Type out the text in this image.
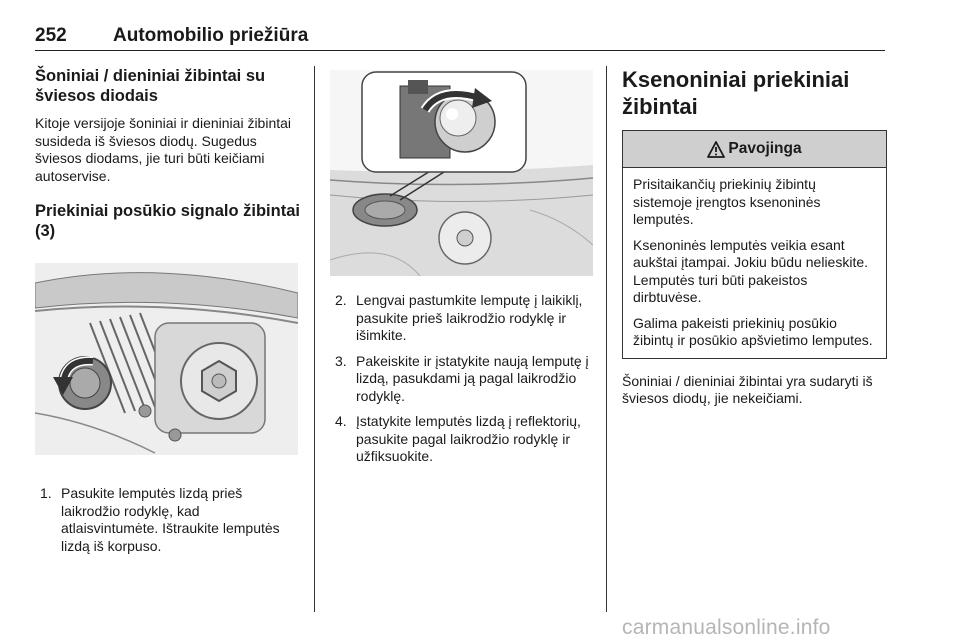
252 Automobilio priežiūra
Šoniniai / dieniniai žibintai su šviesos diodais

Kitoje versijoje šoniniai ir dieniniai žibintai susideda iš šviesos diodų. Sugedus šviesos diodams, jie turi būti keičiami autoservise.

Priekiniai posūkio signalo žibintai (3)
1. Pasukite lemputės lizdą prieš laikrodžio rodyklę, kad atlaisvintumėte. Ištraukite lemputės lizdą iš korpuso.
2. Lengvai pastumkite lemputę į laikiklį, pasukite prieš laikrodžio rodyklę ir išimkite.
3. Pakeiskite ir įstatykite naują lemputę į lizdą, pasukdami ją pagal laikrodžio rodyklę.
4. Įstatykite lemputės lizdą į reflektorių, pasukite pagal laikrodžio rodyklę ir užfiksuokite.
Ksenoniniai priekiniai žibintai
Pavojinga

Prisitaikančių priekinių žibintų sistemoje įrengtos ksenoninės lemputės.

Ksenoninės lemputės veikia esant aukštai įtampai. Jokiu būdu nelieskite. Lemputės turi būti pakeistos dirbtuvėse.

Galima pakeisti priekinių posūkio žibintų ir posūkio apšvietimo lemputes.

Šoniniai / dieniniai žibintai yra sudaryti iš šviesos diodų, jie nekeičiami.

carmanualsonline.info
